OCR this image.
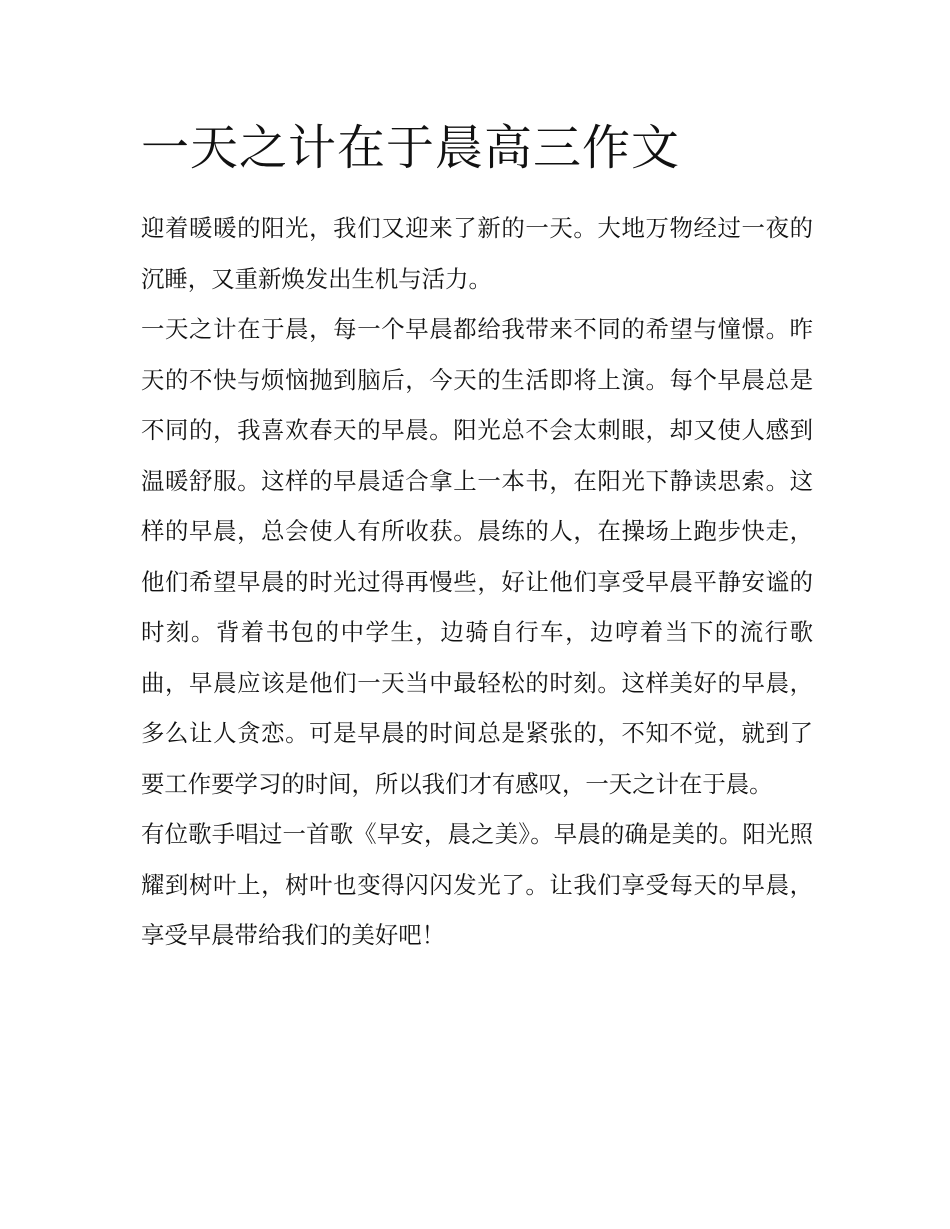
一天之计在于晨高三作文

迎着暖暖的阳光，我们又迎来了新的一天。大地万物经过一夜的沉睡，又重新焕发出生机与活力。

一天之计在于晨，每一个早晨都给我带来不同的希望与憧憬。昨天的不快与烦恼抛到脑后，今天的生活即将上演。每个早晨总是不同的，我喜欢春天的早晨。阳光总不会太刺眼，却又使人感到温暖舒服。这样的早晨适合拿上一本书，在阳光下静读思索。这样的早晨，总会使人有所收获。晨练的人，在操场上跑步快走，他们希望早晨的时光过得再慢些，好让他们享受早晨平静安谧的时刻。背着书包的中学生，边骑自行车，边哼着当下的流行歌曲，早晨应该是他们一天当中最轻松的时刻。这样美好的早晨，多么让人贪恋。可是早晨的时间总是紧张的，不知不觉，就到了要工作要学习的时间，所以我们才有感叹，一天之计在于晨。

有位歌手唱过一首歌《早安，晨之美》。早晨的确是美的。阳光照耀到树叶上，树叶也变得闪闪发光了。让我们享受每天的早晨，享受早晨带给我们的美好吧！
